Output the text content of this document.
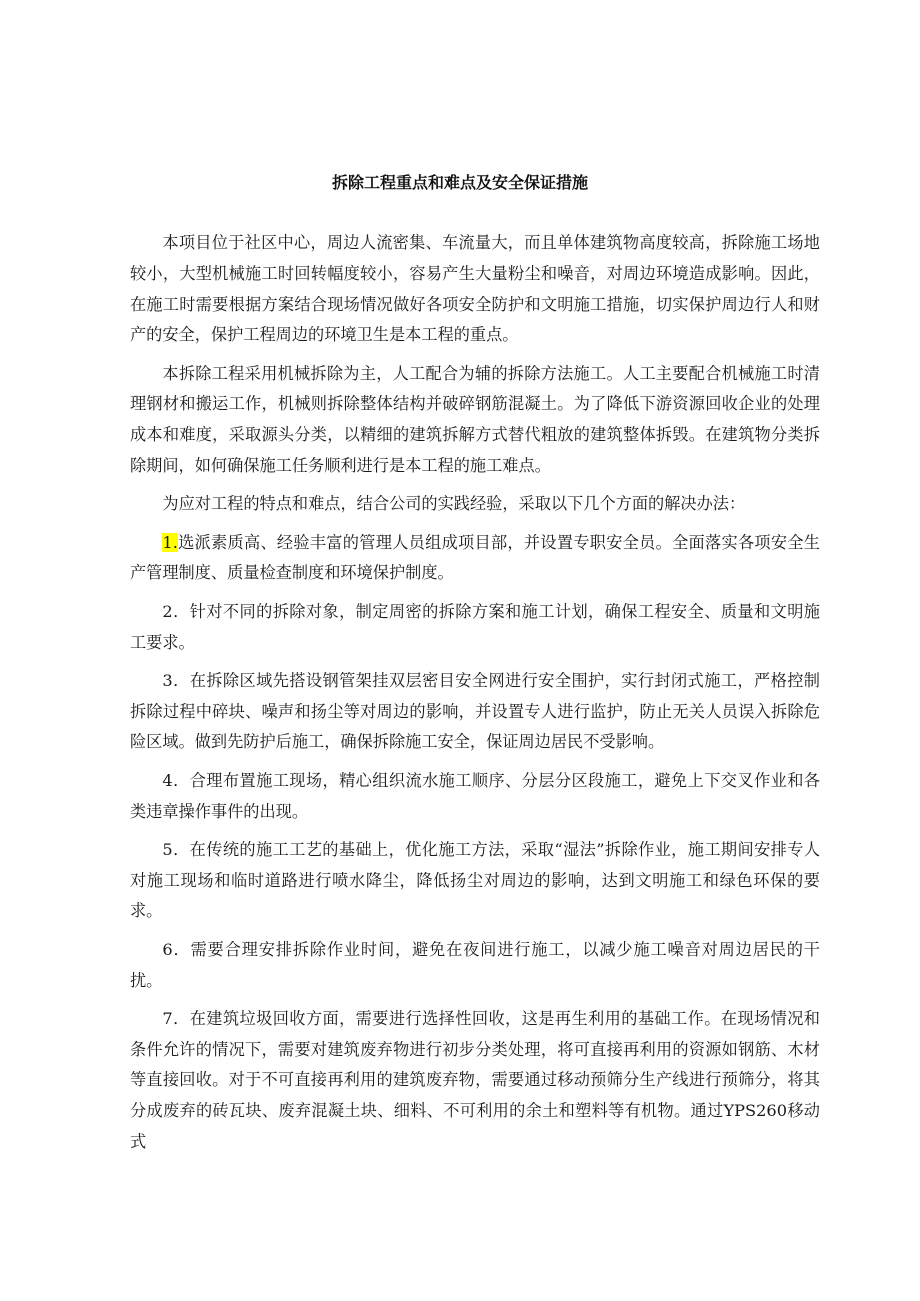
拆除工程重点和难点及安全保证措施

本项目位于社区中心，周边人流密集、车流量大，而且单体建筑物高度较高，拆除施工场地较小，大型机械施工时回转幅度较小，容易产生大量粉尘和噪音，对周边环境造成影响。因此，在施工时需要根据方案结合现场情况做好各项安全防护和文明施工措施，切实保护周边行人和财产的安全，保护工程周边的环境卫生是本工程的重点。

本拆除工程采用机械拆除为主，人工配合为辅的拆除方法施工。人工主要配合机械施工时清理钢材和搬运工作，机械则拆除整体结构并破碎钢筋混凝土。为了降低下游资源回收企业的处理成本和难度，采取源头分类，以精细的建筑拆解方式替代粗放的建筑整体拆毁。在建筑物分类拆除期间，如何确保施工任务顺利进行是本工程的施工难点。

为应对工程的特点和难点，结合公司的实践经验，采取以下几个方面的解决办法：

1.选派素质高、经验丰富的管理人员组成项目部，并设置专职安全员。全面落实各项安全生产管理制度、质量检查制度和环境保护制度。

2．针对不同的拆除对象，制定周密的拆除方案和施工计划，确保工程安全、质量和文明施工要求。

3．在拆除区域先搭设钢管架挂双层密目安全网进行安全围护，实行封闭式施工，严格控制拆除过程中碎块、噪声和扬尘等对周边的影响，并设置专人进行监护，防止无关人员误入拆除危险区域。做到先防护后施工，确保拆除施工安全，保证周边居民不受影响。

4．合理布置施工现场，精心组织流水施工顺序、分层分区段施工，避免上下交叉作业和各类违章操作事件的出现。

5．在传统的施工工艺的基础上，优化施工方法，采取“湿法”拆除作业，施工期间安排专人对施工现场和临时道路进行喷水降尘，降低扬尘对周边的影响，达到文明施工和绿色环保的要求。

6．需要合理安排拆除作业时间，避免在夜间进行施工，以减少施工噪音对周边居民的干扰。

7．在建筑垃圾回收方面，需要进行选择性回收，这是再生利用的基础工作。在现场情况和条件允许的情况下，需要对建筑废弃物进行初步分类处理，将可直接再利用的资源如钢筋、木材等直接回收。对于不可直接再利用的建筑废弃物，需要通过移动预筛分生产线进行预筛分，将其分成废弃的砖瓦块、废弃混凝土块、细料、不可利用的余土和塑料等有机物。通过YPS260移动式
